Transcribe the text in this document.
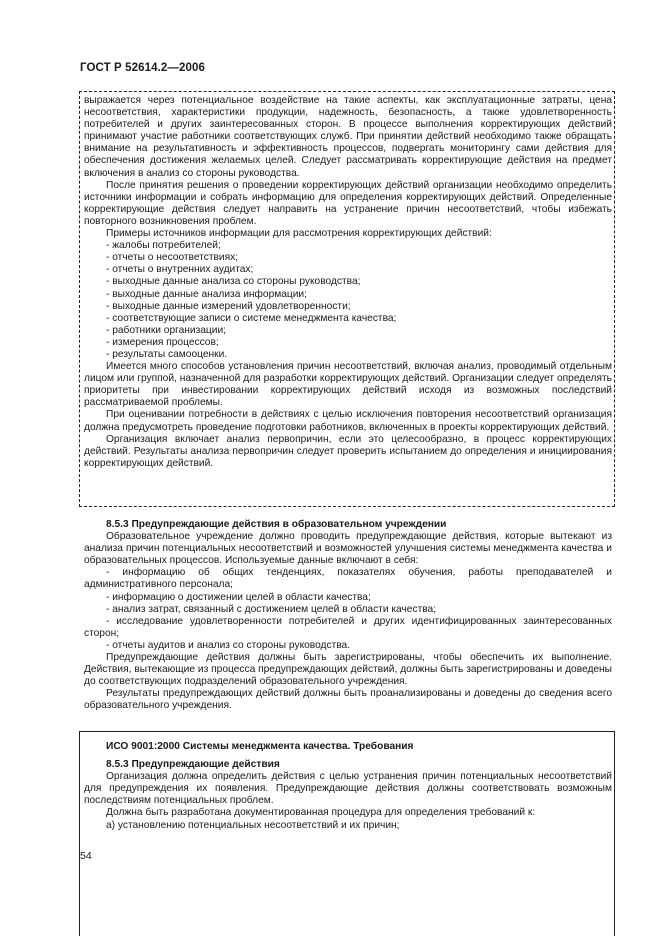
ГОСТ Р 52614.2—2006

выражается через потенциальное воздействие на такие аспекты, как эксплуатационные затраты, цена несоответствия, характеристики продукции, надежность, безопасность, а также удовлетворенность потребителей и других заинтересованных сторон. В процессе выполнения корректирующих действий принимают участие работники соответствующих служб. При принятии действий необходимо также обращать внимание на результативность и эффективность процессов, подвергать мониторингу сами действия для обеспечения достижения желаемых целей. Следует рассматривать корректирующие действия на предмет включения в анализ со стороны руководства.

После принятия решения о проведении корректирующих действий организации необходимо определить источники информации и собрать информацию для определения корректирующих действий. Определенные корректирующие действия следует направить на устранение причин несоответствий, чтобы избежать повторного возникновения проблем.

Примеры источников информации для рассмотрения корректирующих действий:

- жалобы потребителей;

- отчеты о несоответствиях;

- отчеты о внутренних аудитах;

- выходные данные анализа со стороны руководства;

- выходные данные анализа информации;

- выходные данные измерений удовлетворенности;

- соответствующие записи о системе менеджмента качества;

- работники организации;

- измерения процессов;

- результаты самооценки.

Имеется много способов установления причин несоответствий, включая анализ, проводимый отдельным лицом или группой, назначенной для разработки корректирующих действий. Организации следует определять приоритеты при инвестировании корректирующих действий исходя из возможных последствий рассматриваемой проблемы.

При оценивании потребности в действиях с целью исключения повторения несоответствий организация должна предусмотреть проведение подготовки работников, включенных в проекты корректирующих действий.

Организация включает анализ первопричин, если это целесообразно, в процесс корректирующих действий. Результаты анализа первопричин следует проверить испытанием до определения и инициирования корректирующих действий.

8.5.3 Предупреждающие действия в образовательном учреждении

Образовательное учреждение должно проводить предупреждающие действия, которые вытекают из анализа причин потенциальных несоответствий и возможностей улучшения системы менеджмента качества и образовательных процессов. Используемые данные включают в себя:

- информацию об общих тенденциях, показателях обучения, работы преподавателей и административного персонала;

- информацию о достижении целей в области качества;

- анализ затрат, связанный с достижением целей в области качества;

- исследование удовлетворенности потребителей и других идентифицированных заинтересованных сторон;

- отчеты аудитов и анализ со стороны руководства.

Предупреждающие действия должны быть зарегистрированы, чтобы обеспечить их выполнение. Действия, вытекающие из процесса предупреждающих действий, должны быть зарегистрированы и доведены до соответствующих подразделений образовательного учреждения.

Результаты предупреждающих действий должны быть проанализированы и доведены до сведения всего образовательного учреждения.

ИСО 9001:2000 Системы менеджмента качества. Требования

8.5.3 Предупреждающие действия

Организация должна определить действия с целью устранения причин потенциальных несоответствий для предупреждения их появления. Предупреждающие действия должны соответствовать возможным последствиям потенциальных проблем.

Должна быть разработана документированная процедура для определения требований к:

а) установлению потенциальных несоответствий и их причин;

54
